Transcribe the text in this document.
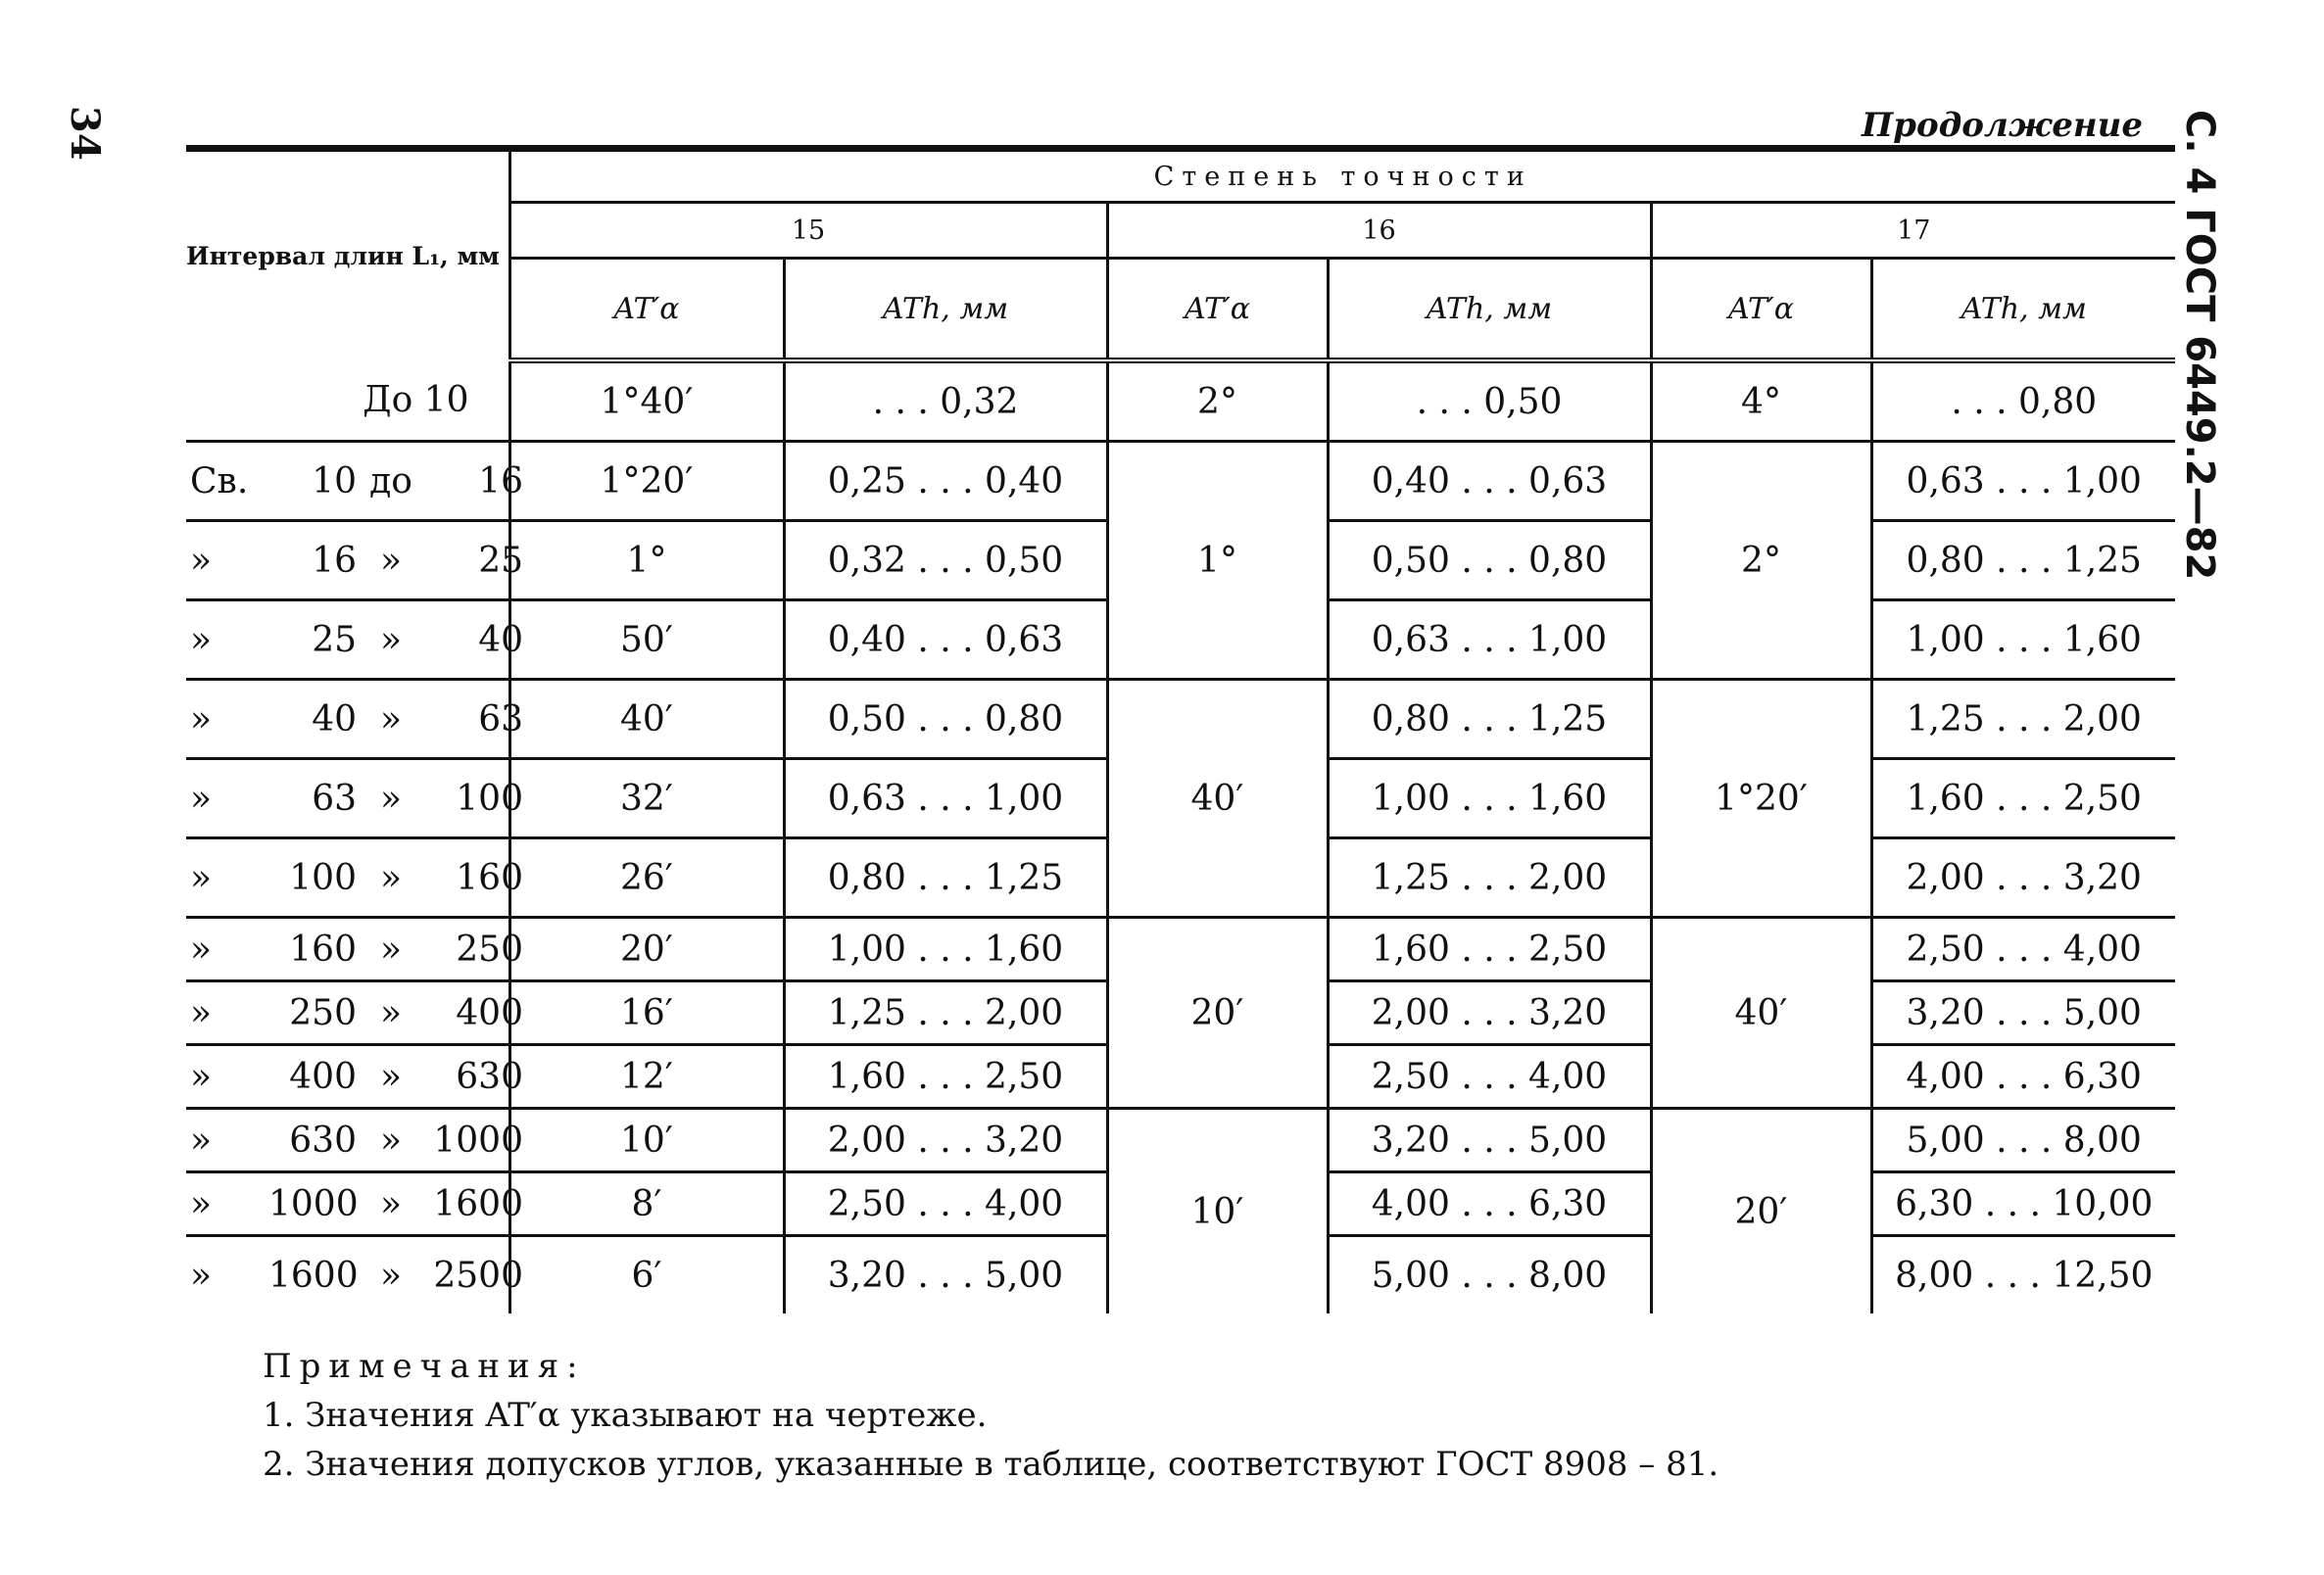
34	С. 4 ГОСТ 6449.2—82
Продолжение
Интервал длин L₁, мм	Степень точности					
	15		16		17	
	AT′α	ATh, мм	AT′α	ATh, мм	AT′α	ATh, мм

До 10	1°40′	. . . 0,32	2°	. . . 0,50	4°	. . . 0,80

Св. 10 до 16	1°20′	0,25 . . . 0,40	1°	0,40 . . . 0,63	2°	0,63 . . . 1,00

» 16 » 25	1°	0,32 . . . 0,50		0,50 . . . 0,80		0,80 . . . 1,25

» 25 » 40	50′	0,40 . . . 0,63		0,63 . . . 1,00		1,00 . . . 1,60

» 40 » 63	40′	0,50 . . . 0,80	40′	0,80 . . . 1,25	1°20′	1,25 . . . 2,00

» 63 » 100	32′	0,63 . . . 1,00		1,00 . . . 1,60		1,60 . . . 2,50

» 100 » 160	26′	0,80 . . . 1,25		1,25 . . . 2,00		2,00 . . . 3,20

» 160 » 250	20′	1,00 . . . 1,60	20′	1,60 . . . 2,50	40′	2,50 . . . 4,00

» 250 » 400	16′	1,25 . . . 2,00		2,00 . . . 3,20		3,20 . . . 5,00

» 400 » 630	12′	1,60 . . . 2,50		2,50 . . . 4,00		4,00 . . . 6,30

» 630 » 1000	10′	2,00 . . . 3,20	10′	3,20 . . . 5,00	20′	5,00 . . . 8,00

» 1000 » 1600	8′	2,50 . . . 4,00		4,00 . . . 6,30		6,30 . . . 10,00

» 1600 » 2500	6′	3,20 . . . 5,00		5,00 . . . 8,00		8,00 . . . 12,50
Примечания:
1. Значения AT′α указывают на чертеже.
2. Значения допусков углов, указанные в таблице, соответствуют ГОСТ 8908 – 81.
